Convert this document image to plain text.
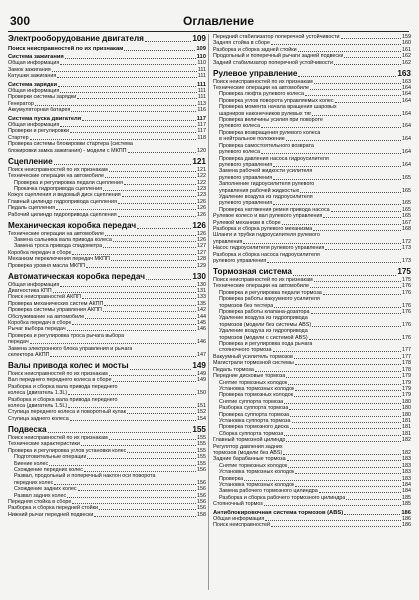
300	Оглавление
Электрооборудование двигателя	109
Поиск неисправностей по их признакам	109
Система зажигания	110
Общая информация	110
Замок зажигания	111
Катушки зажигания	111
Система зарядки	111
Общая информация	111
Проверки системы зарядки	111
Генератор	113
Аккумуляторная батарея	116
Система пуска двигателя	117
Общая информация	117
Проверки и регулировки	117
Стартер	118
Проверка системы блокировки стартера (система
блокировки замка зажигания) - модели с МКПП	120
Сцепление	121
Поиск неисправностей по их признакам	121
Технические операции на автомобиле	122
Проверка и регулировка педали сцепления	122
Прокачка гидропривода сцепления	123
Кожух сцепления и ведомый диск сцепления	123
Главный цилиндр гидропривода сцепления	126
Педаль сцепления	126
Рабочий цилиндр гидропривода сцепления	126
Механическая коробка передач	126
Технические операции на автомобиле	126
Замена сальника вала привода колеса	126
Замена троса привода спидометра	127
Коробка передач в сборе	127
Механизм переключения передач МКПП	128
Проверка уровня масла МКПП	129
Автоматическая коробка передач	130
Общая информация	130
Диагностика КПП	131
Поиск неисправностей АКПП	133
Проверка механических систем АКПП	135
Проверка системы управления АКПП	142
Обслуживание на автомобиле	144
Коробка передач в сборе	145
Рычаг выбора передач	146
Проверка и регулировка троса рычага выбора
передач	146
Замена электронного блока управления и рычага
селектора АКПП	147
Валы привода колес и мосты	149
Поиск неисправностей по их признакам	149
Вал переднего переднего колеса в сборе	149
Разборка и сборка вала привода переднего
колеса (двигатель 1.3L)	150
Разборка и сборка вала привода переднего
колеса (двигатель 1.5L)	151
Ступица переднего колеса и поворотный кулак	152
Ступица заднего колеса	154
Подвеска	155
Поиск неисправностей по их признакам	155
Технические характеристики	155
Проверка и регулировка углов установки колес	155
Подготовительные операции	155
Биение колес	155
Схождение передних колес	156
Развал, продольный и поперечный наклон оси поворота
передних колес	156
Схождение задних колес	156
Развал задних колес	156
Передняя стойка в сборе	156
Разборка и сборка передней стойки	156
Нижний рычаг передней подвески	158
Передний стабилизатор поперечной устойчивости	159
Задняя стойка в сборе	160
Разборка и сборка задней стойки	161
Продольный и поперечный рычаги задней подвески	162
Задний стабилизатор поперечной устойчивости	162
Рулевое управление	163
Поиск неисправностей по их признакам	163
Технические операции на автомобиле	164
Проверка люфта рулевого колеса	164
Проверка углов поворота управляемых колес	164
Проверка момента начала вращения шаровых
шарниров наконечников рулевых тяг	164
Проверка величины усилия при повороте
рулевого колеса	164
Проверка возвращения рулевого колеса
в нейтральное положение	164
Проверка самостоятельного возврата
рулевого колеса	164
Проверка давления насоса гидроусилителя
рулевого управления	164
Замена рабочей жидкости усилителя
рулевого управления	165
Заполнение гидроусилителя рулевого
управления рабочей жидкостью	165
Удаление воздуха из гидроусилителя
рулевого управления	165
Проверка натяжения ремня привода насоса	165
Рулевое колесо и вал рулевого управления	165
Рулевой механизм в сборе	167
Разборка и сборка рулевого механизма	168
Шланги и трубки гидроусилителя рулевого
управления	172
Насос гидроусилителя рулевого управления	173
Разборка и сборка насоса гидроусилителя
рулевого управления	173
Тормозная система	175
Поиск неисправностей по их признакам	175
Технические операции на автомобиле	176
Проверка и регулировка педали тормоза	176
Проверка работы вакуумного усилителя
тормозов без тестера	176
Проверка работы клапана-дозатора	176
Удаление воздуха из гидропривода
тормозов (модели без системы ABS)	176
Удаление воздуха из гидропривода
тормозов (модели с системой ABS)	176
Проверка и регулировка хода рычага
стояночного тормоза	177
Вакуумный усилитель тормозов	177
Магистрали тормозной системы	178
Педаль тормоза	178
Передние дисковые тормоза	179
Снятие тормозных колодок	179
Установка тормозных колодок	179
Проверка тормозных колодок	179
Снятие суппорта тормоза	180
Разборка суппорта тормоза	180
Проверка суппорта тормоза	180
Установка суппорта тормоза	181
Проверка тормозного диска	181
Сборка суппорта тормоза	181
Главный тормозной цилиндр	182
Регулятор давления задних
тормозов (модели без ABS)	182
Задние барабанные тормоза	183
Снятие тормозных колодок	183
Установка тормозных колодок	183
Проверка	183
Установка тормозных колодок	184
Замена рабочего тормозного цилиндра	184
Разборка и сборка рабочего тормозного цилиндра	185
Стояночный тормоз	185
Антиблокировочная система тормозов (ABS)	186
Общая информация	186
Поиск неисправностей	186
